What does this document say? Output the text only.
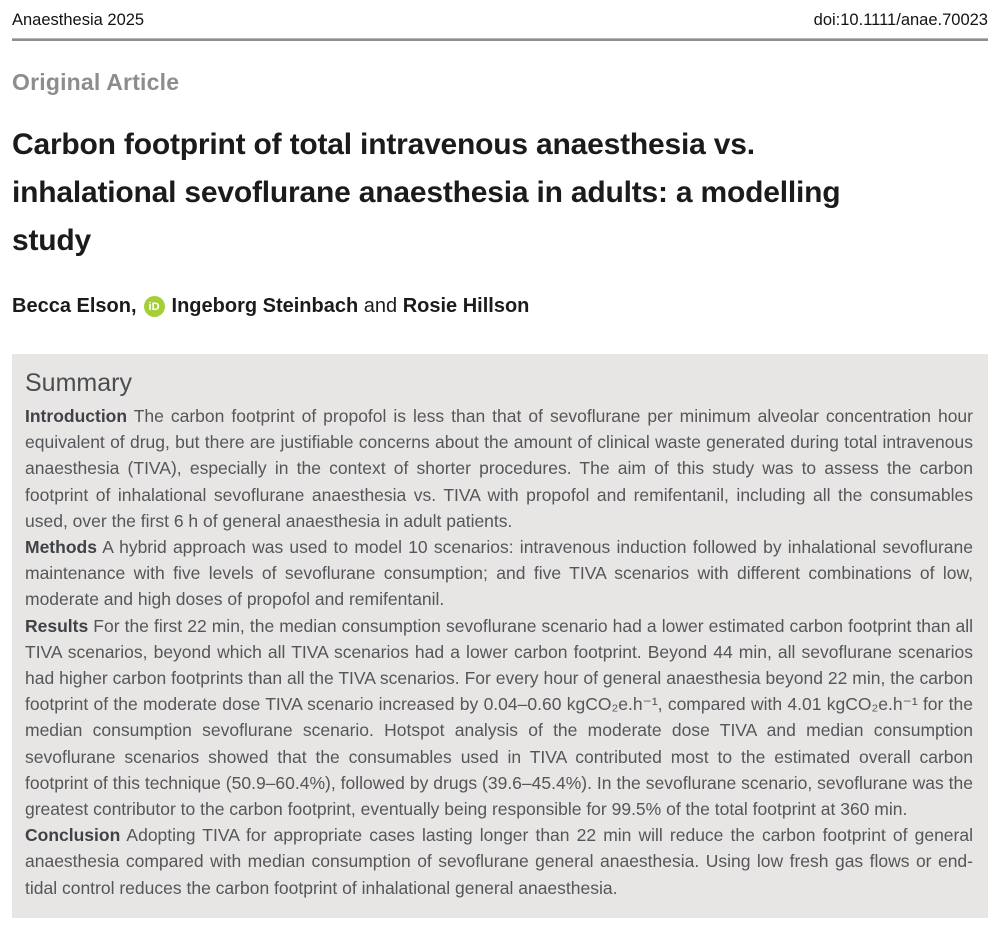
Anaesthesia 2025	doi:10.1111/anae.70023
Original Article
Carbon footprint of total intravenous anaesthesia vs. inhalational sevoflurane anaesthesia in adults: a modelling study
Becca Elson,	iD Ingeborg Steinbach and Rosie Hillson
Summary

Introduction The carbon footprint of propofol is less than that of sevoflurane per minimum alveolar concentration hour equivalent of drug, but there are justifiable concerns about the amount of clinical waste generated during total intravenous anaesthesia (TIVA), especially in the context of shorter procedures. The aim of this study was to assess the carbon footprint of inhalational sevoflurane anaesthesia vs. TIVA with propofol and remifentanil, including all the consumables used, over the first 6 h of general anaesthesia in adult patients.

Methods A hybrid approach was used to model 10 scenarios: intravenous induction followed by inhalational sevoflurane maintenance with five levels of sevoflurane consumption; and five TIVA scenarios with different combinations of low, moderate and high doses of propofol and remifentanil.

Results For the first 22 min, the median consumption sevoflurane scenario had a lower estimated carbon footprint than all TIVA scenarios, beyond which all TIVA scenarios had a lower carbon footprint. Beyond 44 min, all sevoflurane scenarios had higher carbon footprints than all the TIVA scenarios. For every hour of general anaesthesia beyond 22 min, the carbon footprint of the moderate dose TIVA scenario increased by 0.04–0.60 kgCO₂e.h⁻¹, compared with 4.01 kgCO₂e.h⁻¹ for the median consumption sevoflurane scenario. Hotspot analysis of the moderate dose TIVA and median consumption sevoflurane scenarios showed that the consumables used in TIVA contributed most to the estimated overall carbon footprint of this technique (50.9–60.4%), followed by drugs (39.6–45.4%). In the sevoflurane scenario, sevoflurane was the greatest contributor to the carbon footprint, eventually being responsible for 99.5% of the total footprint at 360 min.

Conclusion Adopting TIVA for appropriate cases lasting longer than 22 min will reduce the carbon footprint of general anaesthesia compared with median consumption of sevoflurane general anaesthesia. Using low fresh gas flows or end-tidal control reduces the carbon footprint of inhalational general anaesthesia.
